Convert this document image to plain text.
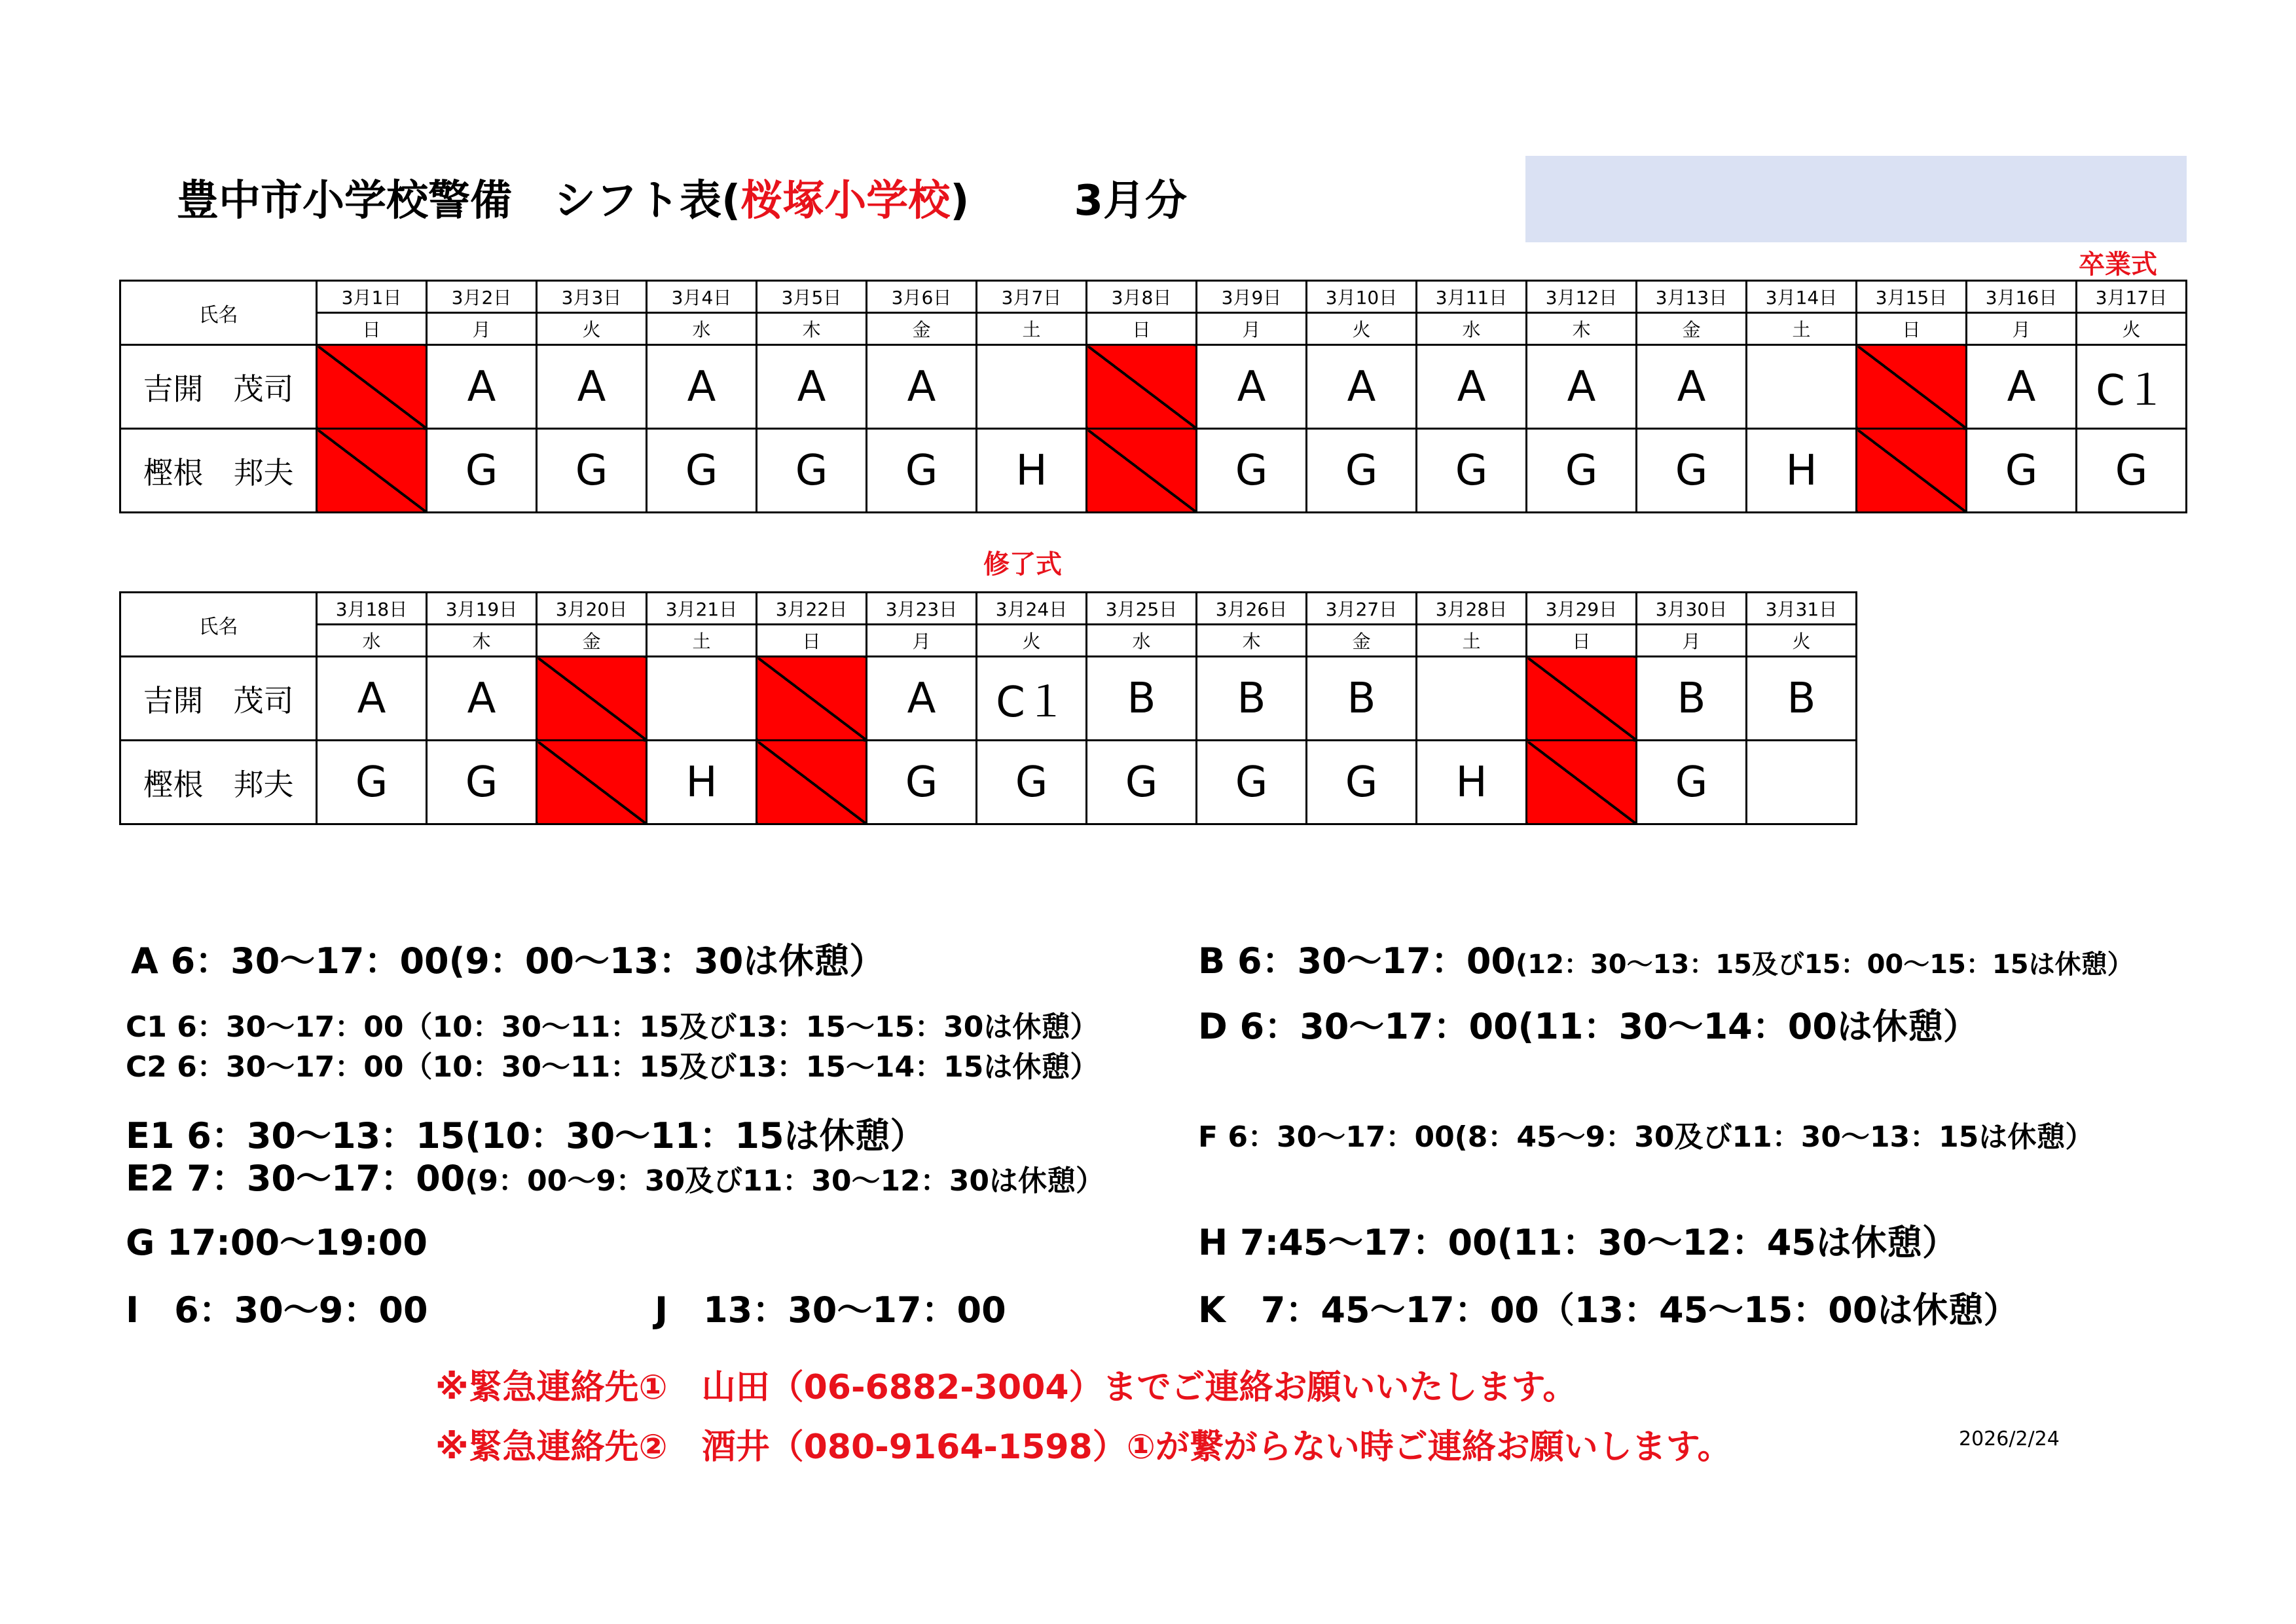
豊中市小学校警備　シフト表(桜塚小学校)	3月分
卒業式
修了式
氏名	3月1日	3月2日	3月3日	3月4日	3月5日	3月6日	3月7日	3月8日	3月9日	3月10日	3月11日	3月12日	3月13日	3月14日	3月15日	3月16日	3月17日
	日	月	火	水	木	金	土	日	月	火	水	木	金	土	日	月	火
吉開　茂司		A	A	A	A	A			A	A	A	A	A			A	C１
樫根　邦夫		G	G	G	G	G	H		G	G	G	G	G	H		G	G
氏名	3月18日	3月19日	3月20日	3月21日	3月22日	3月23日	3月24日	3月25日	3月26日	3月27日	3月28日	3月29日	3月30日	3月31日
	水	木	金	土	日	月	火	水	木	金	土	日	月	火
吉開　茂司	A	A				A	C１	B	B	B			B	B
樫根　邦夫	G	G		H		G	G	G	G	G	H		G	
A 6：30～17：00(9：00～13：30は休憩）	B 6：30～17：00(12：30～13：15及び15：00～15：15は休憩）
C1 6：30～17：00（10：30～11：15及び13：15～15：30は休憩）
C2 6：30～17：00（10：30～11：15及び13：15～14：15は休憩）
D 6：30～17：00(11：30～14：00は休憩）
E1 6：30～13：15(10：30～11：15は休憩）
E2 7：30～17：00(9：00～9：30及び11：30～12：30は休憩）
F 6：30～17：00(8：45～9：30及び11：30～13：15は休憩）
G 17:00～19:00	H 7:45～17：00(11：30～12：45は休憩）
I　6：30～9：00	J　13：30～17：00	K　7：45～17：00（13：45～15：00は休憩）
※緊急連絡先①　山田（06-6882-3004）までご連絡お願いいたします。
※緊急連絡先②　酒井（080-9164-1598）①が繋がらない時ご連絡お願いします。	2026/2/24
